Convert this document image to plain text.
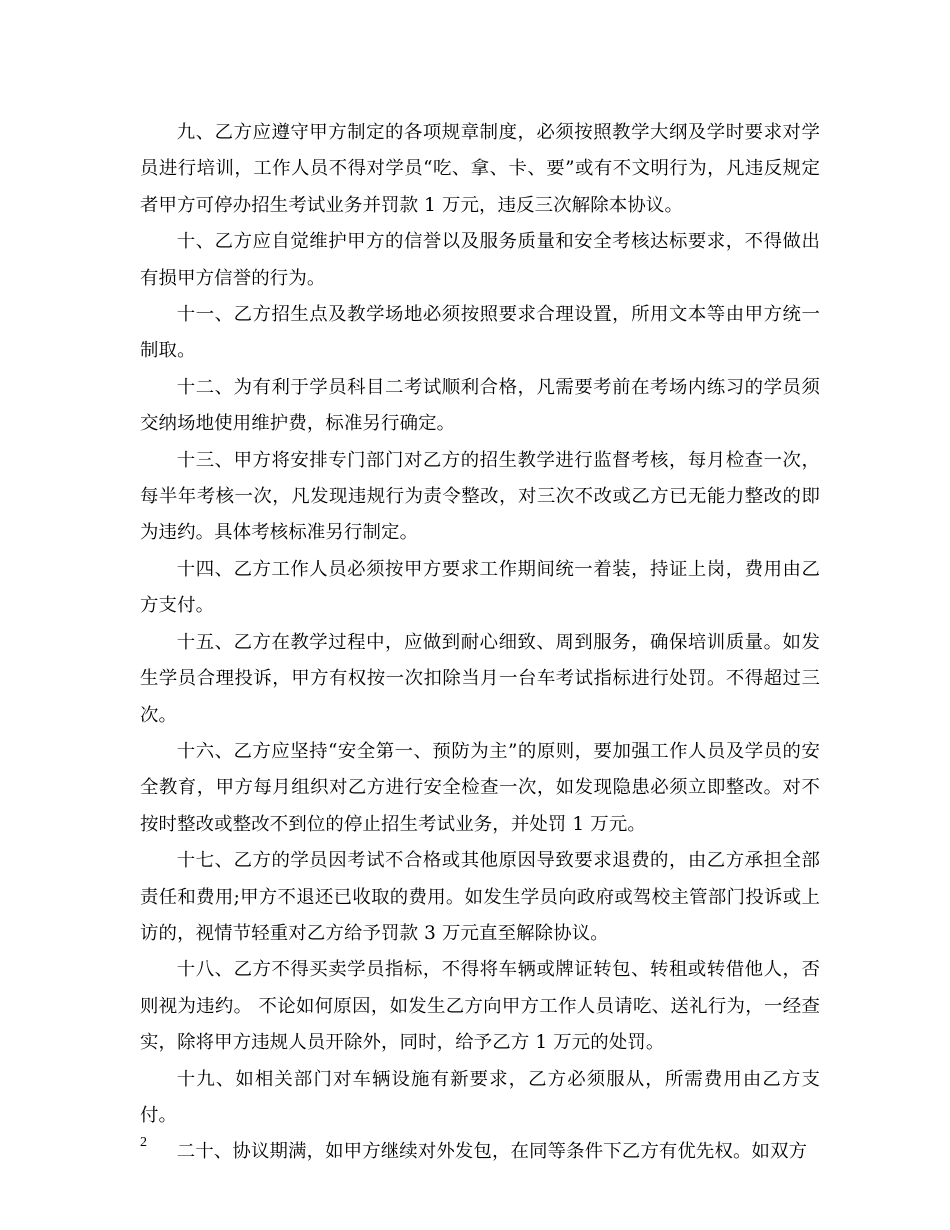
九、乙方应遵守甲方制定的各项规章制度，必须按照教学大纲及学时要求对学员进行培训，工作人员不得对学员“吃、拿、卡、要”或有不文明行为，凡违反规定者甲方可停办招生考试业务并罚款 1 万元，违反三次解除本协议。

十、乙方应自觉维护甲方的信誉以及服务质量和安全考核达标要求，不得做出有损甲方信誉的行为。

十一、乙方招生点及教学场地必须按照要求合理设置，所用文本等由甲方统一制取。

十二、为有利于学员科目二考试顺利合格，凡需要考前在考场内练习的学员须交纳场地使用维护费，标准另行确定。

十三、甲方将安排专门部门对乙方的招生教学进行监督考核，每月检查一次，每半年考核一次，凡发现违规行为责令整改，对三次不改或乙方已无能力整改的即为违约。具体考核标准另行制定。

十四、乙方工作人员必须按甲方要求工作期间统一着装，持证上岗，费用由乙方支付。

十五、乙方在教学过程中，应做到耐心细致、周到服务，确保培训质量。如发生学员合理投诉，甲方有权按一次扣除当月一台车考试指标进行处罚。不得超过三次。

十六、乙方应坚持“安全第一、预防为主”的原则，要加强工作人员及学员的安全教育，甲方每月组织对乙方进行安全检查一次，如发现隐患必须立即整改。对不按时整改或整改不到位的停止招生考试业务，并处罚 1 万元。

十七、乙方的学员因考试不合格或其他原因导致要求退费的，由乙方承担全部责任和费用;甲方不退还已收取的费用。如发生学员向政府或驾校主管部门投诉或上访的，视情节轻重对乙方给予罚款 3 万元直至解除协议。

十八、乙方不得买卖学员指标，不得将车辆或牌证转包、转租或转借他人，否则视为违约。 不论如何原因，如发生乙方向甲方工作人员请吃、送礼行为，一经查实，除将甲方违规人员开除外，同时，给予乙方 1 万元的处罚。

十九、如相关部门对车辆设施有新要求，乙方必须服从，所需费用由乙方支付。

二十、协议期满，如甲方继续对外发包，在同等条件下乙方有优先权。如双方

2
